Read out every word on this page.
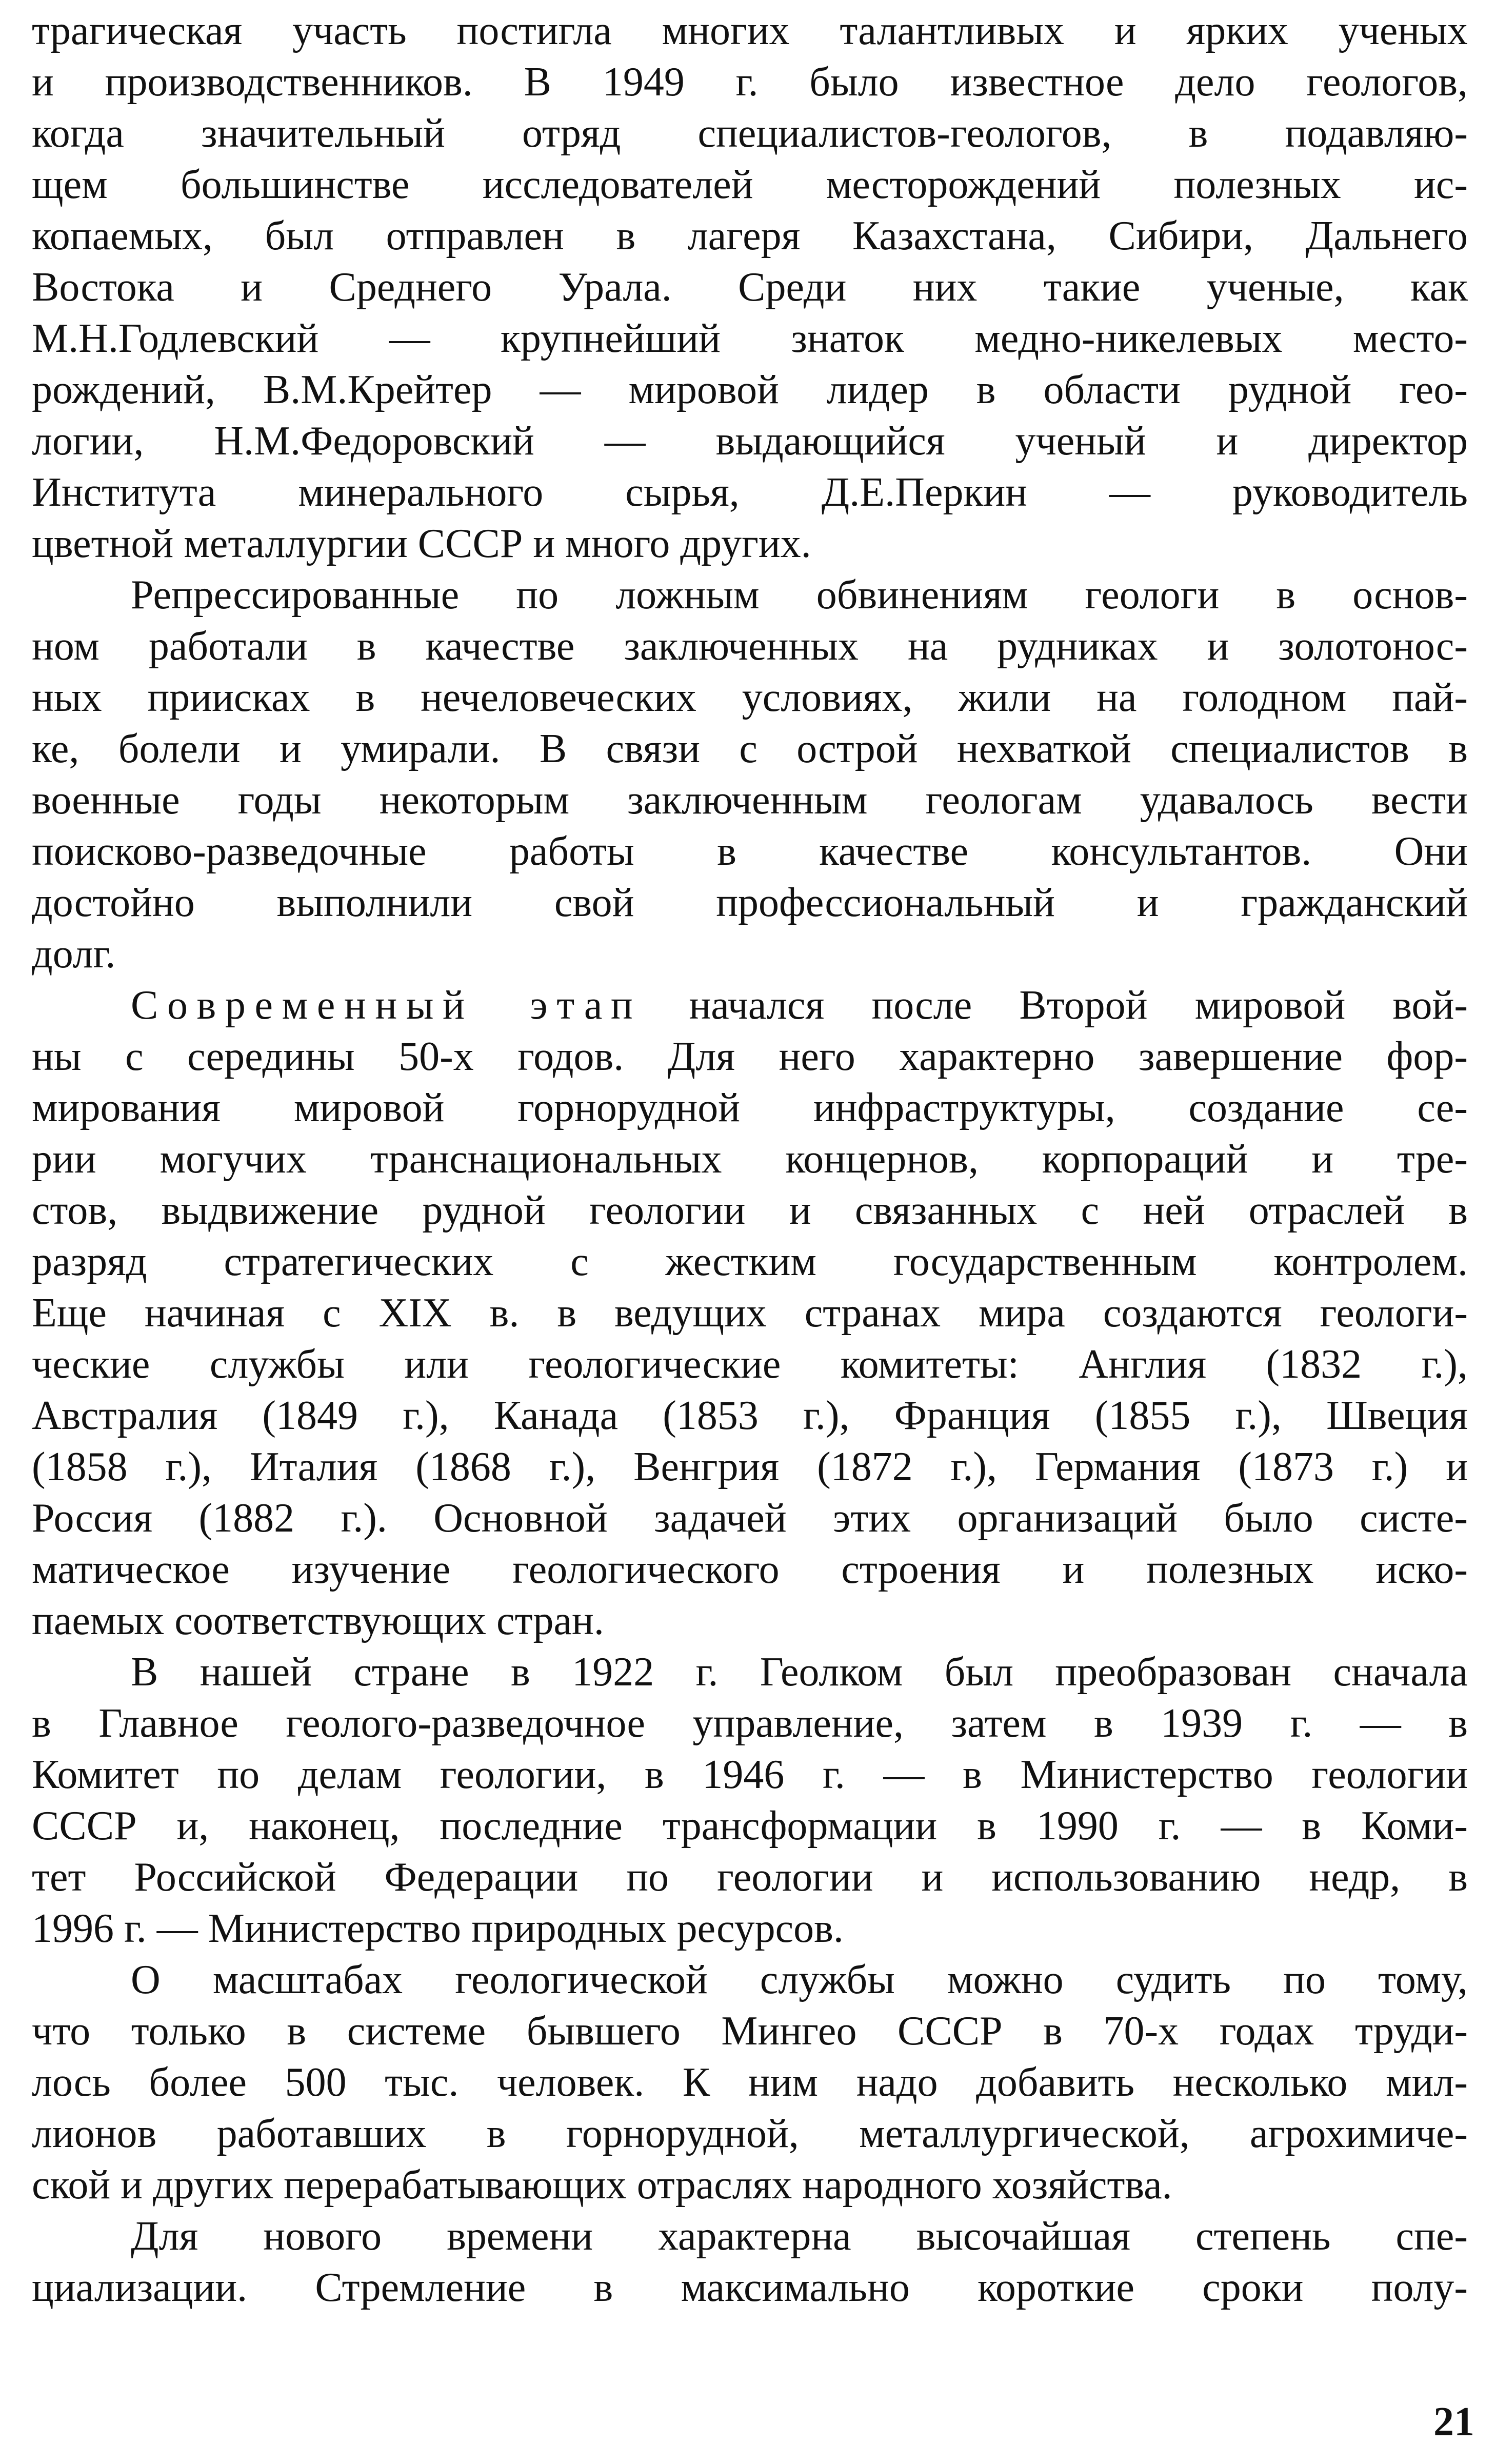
трагическая участь постигла многих талантливых и ярких ученых
и производственников. В 1949 г. было известное дело геологов,
когда значительный отряд специалистов-геологов, в подавляю-
щем большинстве исследователей месторождений полезных ис-
копаемых, был отправлен в лагеря Казахстана, Сибири, Дальнего
Востока и Среднего Урала. Среди них такие ученые, как
М.Н.Годлевский — крупнейший знаток медно-никелевых место-
рождений, В.М.Крейтер — мировой лидер в области рудной гео-
логии, Н.М.Федоровский — выдающийся ученый и директор
Института минерального сырья, Д.Е.Перкин — руководитель
цветной металлургии СССР и много других.
Репрессированные по ложным обвинениям геологи в основ-
ном работали в качестве заключенных на рудниках и золотонос-
ных приисках в нечеловеческих условиях, жили на голодном пай-
ке, болели и умирали. В связи с острой нехваткой специалистов в
военные годы некоторым заключенным геологам удавалось вести
поисково-разведочные работы в качестве консультантов. Они
достойно выполнили свой профессиональный и гражданский
долг.
Современный этап начался после Второй мировой вой-
ны с середины 50-х годов. Для него характерно завершение фор-
мирования мировой горнорудной инфраструктуры, создание се-
рии могучих транснациональных концернов, корпораций и тре-
стов, выдвижение рудной геологии и связанных с ней отраслей в
разряд стратегических с жестким государственным контролем.
Еще начиная с XIX в. в ведущих странах мира создаются геологи-
ческие службы или геологические комитеты: Англия (1832 г.),
Австралия (1849 г.), Канада (1853 г.), Франция (1855 г.), Швеция
(1858 г.), Италия (1868 г.), Венгрия (1872 г.), Германия (1873 г.) и
Россия (1882 г.). Основной задачей этих организаций было систе-
матическое изучение геологического строения и полезных иско-
паемых соответствующих стран.
В нашей стране в 1922 г. Геолком был преобразован сначала
в Главное геолого-разведочное управление, затем в 1939 г. — в
Комитет по делам геологии, в 1946 г. — в Министерство геологии
СССР и, наконец, последние трансформации в 1990 г. — в Коми-
тет Российской Федерации по геологии и использованию недр, в
1996 г. — Министерство природных ресурсов.
О масштабах геологической службы можно судить по тому,
что только в системе бывшего Мингео СССР в 70-х годах труди-
лось более 500 тыс. человек. К ним надо добавить несколько мил-
лионов работавших в горнорудной, металлургической, агрохимиче-
ской и других перерабатывающих отраслях народного хозяйства.
Для нового времени характерна высочайшая степень спе-
циализации. Стремление в максимально короткие сроки полу-
21
